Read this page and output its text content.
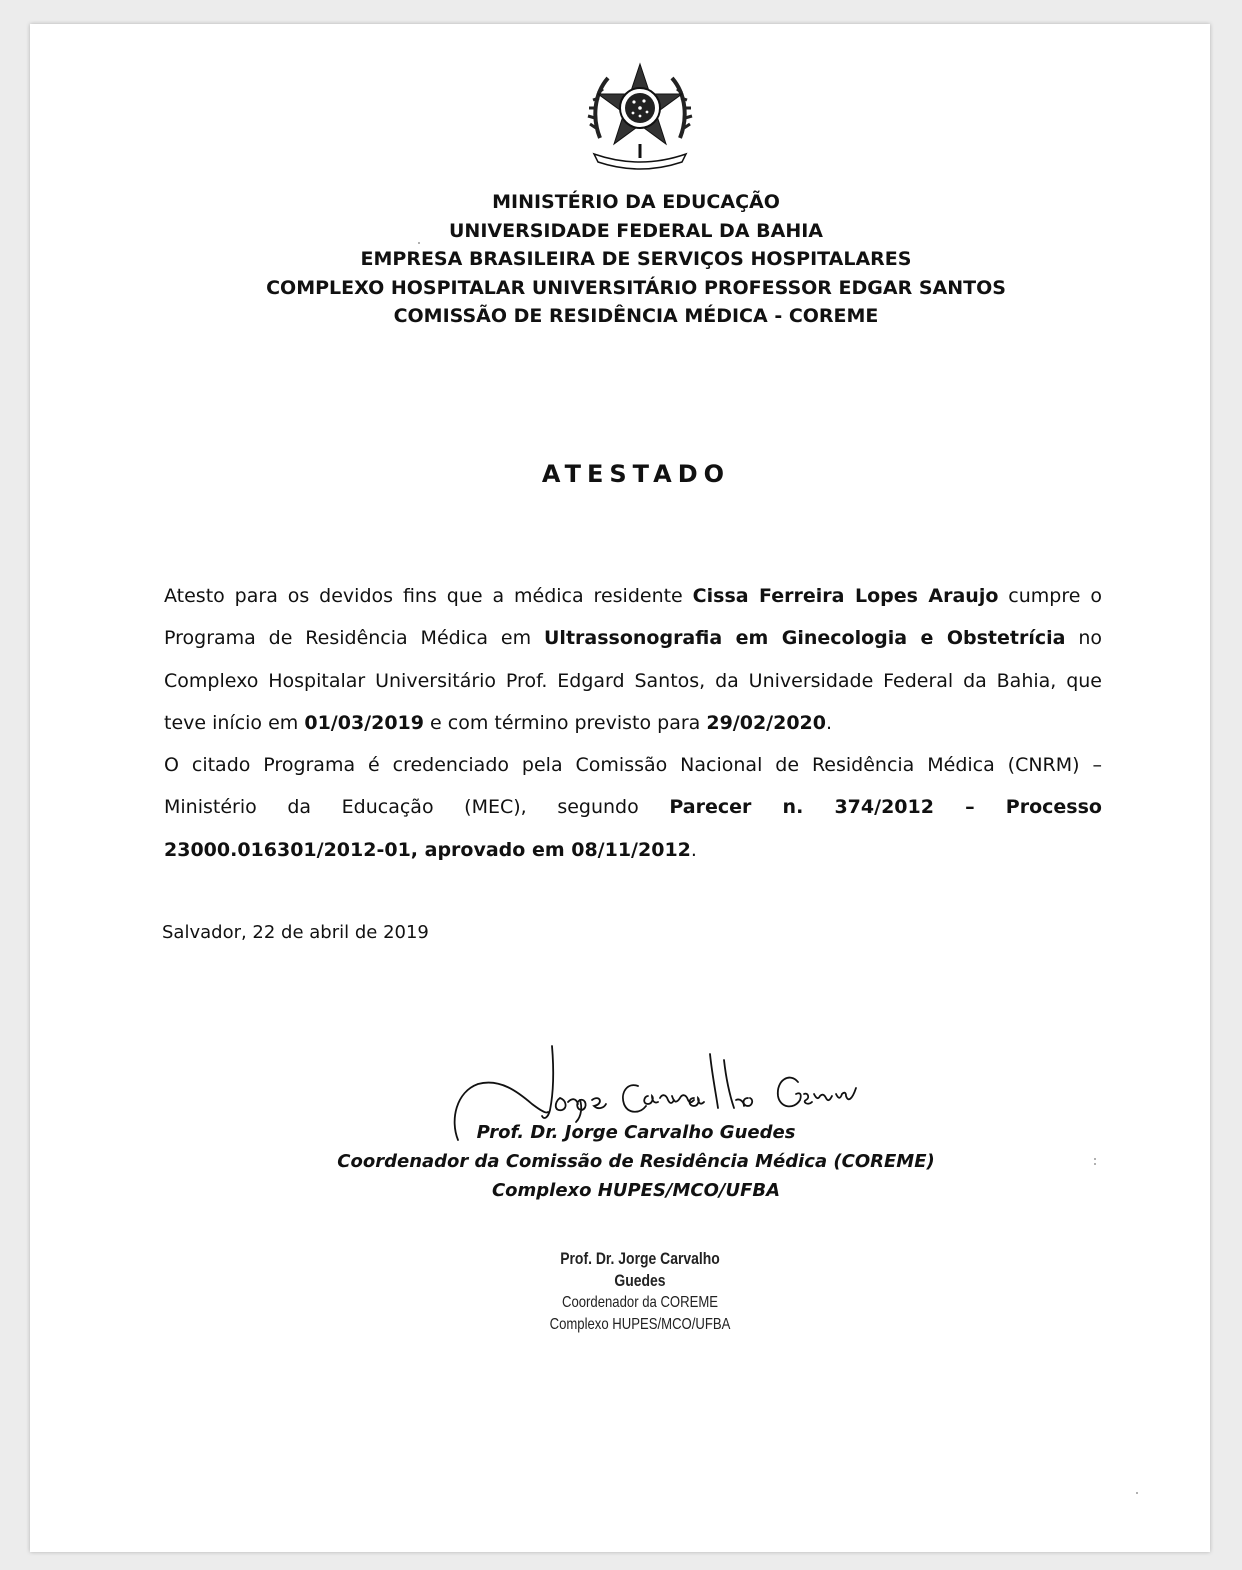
MINISTÉRIO DA EDUCAÇÃO
UNIVERSIDADE FEDERAL DA BAHIA
EMPRESA BRASILEIRA DE SERVIÇOS HOSPITALARES
COMPLEXO HOSPITALAR UNIVERSITÁRIO PROFESSOR EDGAR SANTOS
COMISSÃO DE RESIDÊNCIA MÉDICA - COREME
ATESTADO

Atesto para os devidos fins que a médica residente Cissa Ferreira Lopes Araujo cumpre o Programa de Residência Médica em Ultrassonografia em Ginecologia e Obstetrícia no Complexo Hospitalar Universitário Prof. Edgard Santos, da Universidade Federal da Bahia, que teve início em 01/03/2019 e com término previsto para 29/02/2020.

O citado Programa é credenciado pela Comissão Nacional de Residência Médica (CNRM) – Ministério da Educação (MEC), segundo Parecer n. 374/2012 – Processo 23000.016301/2012-01, aprovado em 08/11/2012.

Salvador, 22 de abril de 2019
Prof. Dr. Jorge Carvalho Guedes
Coordenador da Comissão de Residência Médica (COREME)
Complexo HUPES/MCO/UFBA
Prof. Dr. Jorge Carvalho Guedes
Coordenador da COREME
Complexo HUPES/MCO/UFBA
